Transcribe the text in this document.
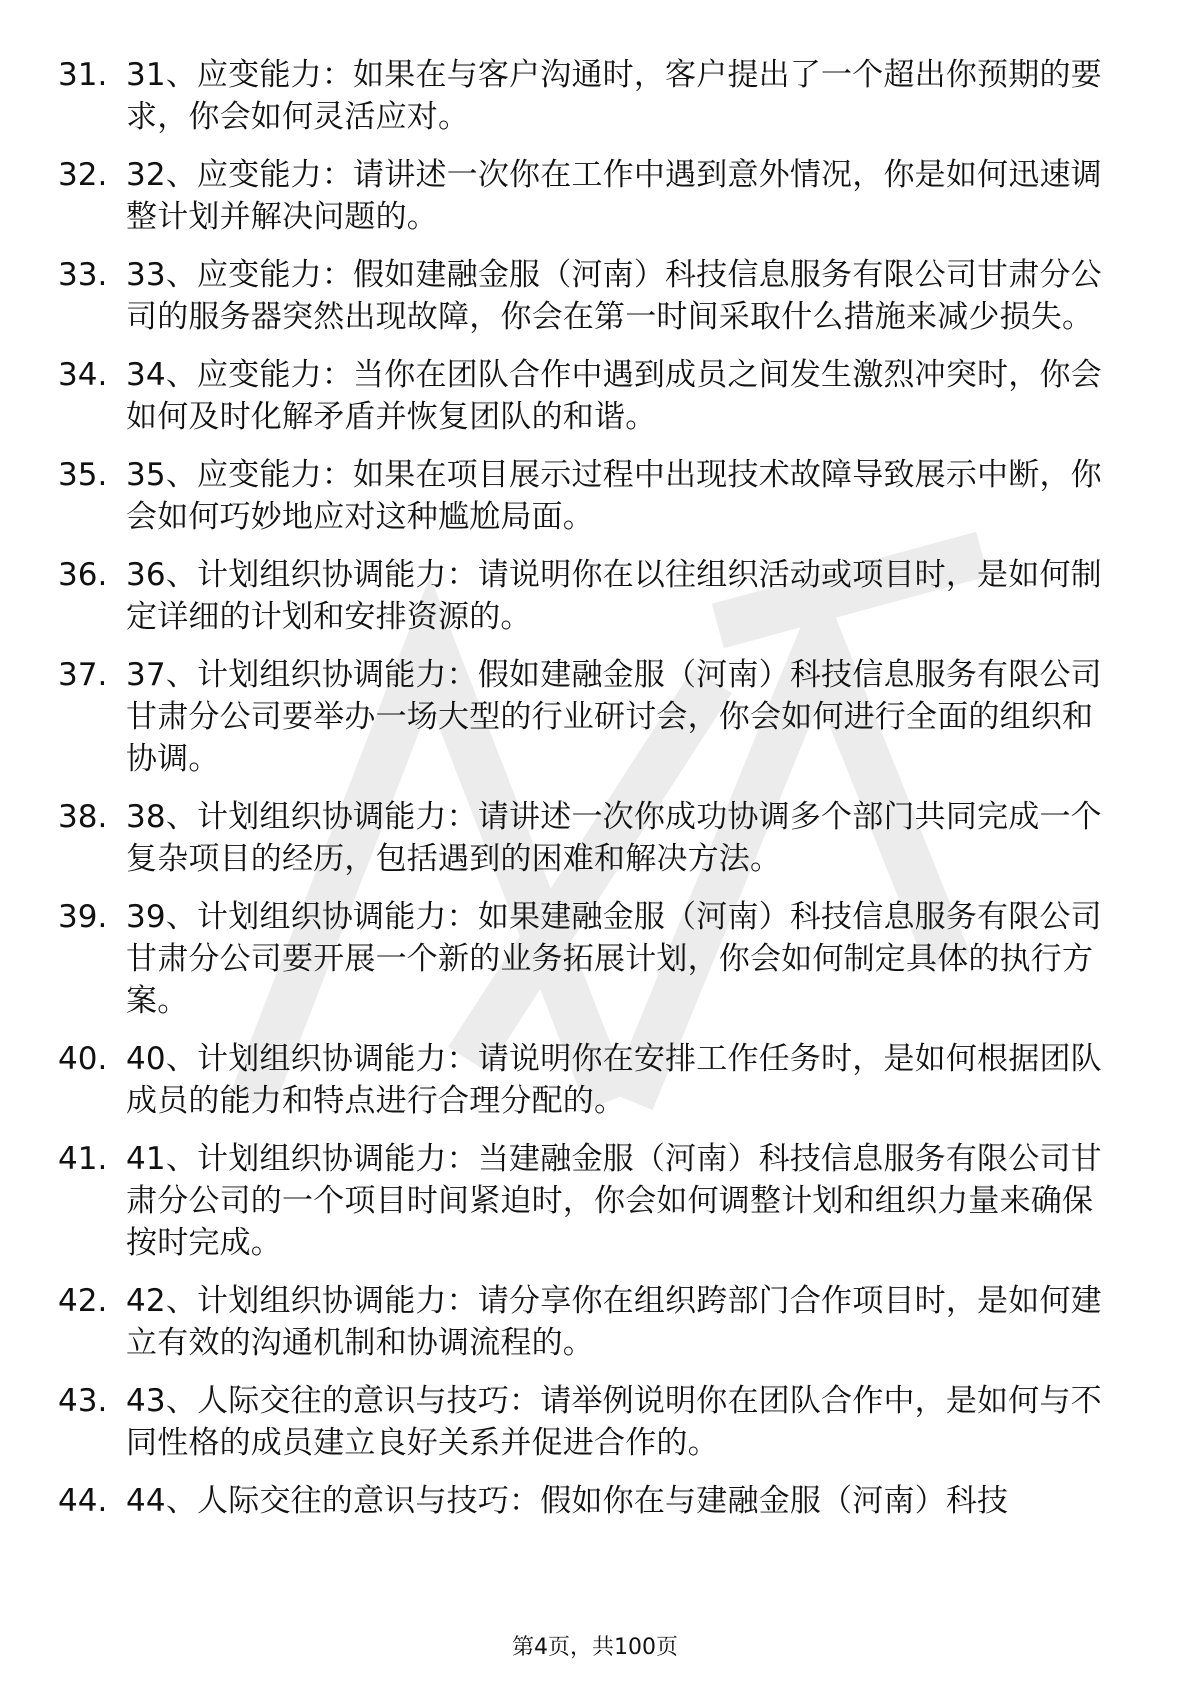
31. 31、应变能力：如果在与客户沟通时，客户提出了一个超出你预期的要求，你会如何灵活应对。
32. 32、应变能力：请讲述一次你在工作中遇到意外情况，你是如何迅速调整计划并解决问题的。
33. 33、应变能力：假如建融金服（河南）科技信息服务有限公司甘肃分公司的服务器突然出现故障，你会在第一时间采取什么措施来减少损失。
34. 34、应变能力：当你在团队合作中遇到成员之间发生激烈冲突时，你会如何及时化解矛盾并恢复团队的和谐。
35. 35、应变能力：如果在项目展示过程中出现技术故障导致展示中断，你会如何巧妙地应对这种尴尬局面。
36. 36、计划组织协调能力：请说明你在以往组织活动或项目时，是如何制定详细的计划和安排资源的。
37. 37、计划组织协调能力：假如建融金服（河南）科技信息服务有限公司甘肃分公司要举办一场大型的行业研讨会，你会如何进行全面的组织和协调。
38. 38、计划组织协调能力：请讲述一次你成功协调多个部门共同完成一个复杂项目的经历，包括遇到的困难和解决方法。
39. 39、计划组织协调能力：如果建融金服（河南）科技信息服务有限公司甘肃分公司要开展一个新的业务拓展计划，你会如何制定具体的执行方案。
40. 40、计划组织协调能力：请说明你在安排工作任务时，是如何根据团队成员的能力和特点进行合理分配的。
41. 41、计划组织协调能力：当建融金服（河南）科技信息服务有限公司甘肃分公司的一个项目时间紧迫时，你会如何调整计划和组织力量来确保按时完成。
42. 42、计划组织协调能力：请分享你在组织跨部门合作项目时，是如何建立有效的沟通机制和协调流程的。
43. 43、人际交往的意识与技巧：请举例说明你在团队合作中，是如何与不同性格的成员建立良好关系并促进合作的。
44. 44、人际交往的意识与技巧：假如你在与建融金服（河南）科技
第4页，共100页
